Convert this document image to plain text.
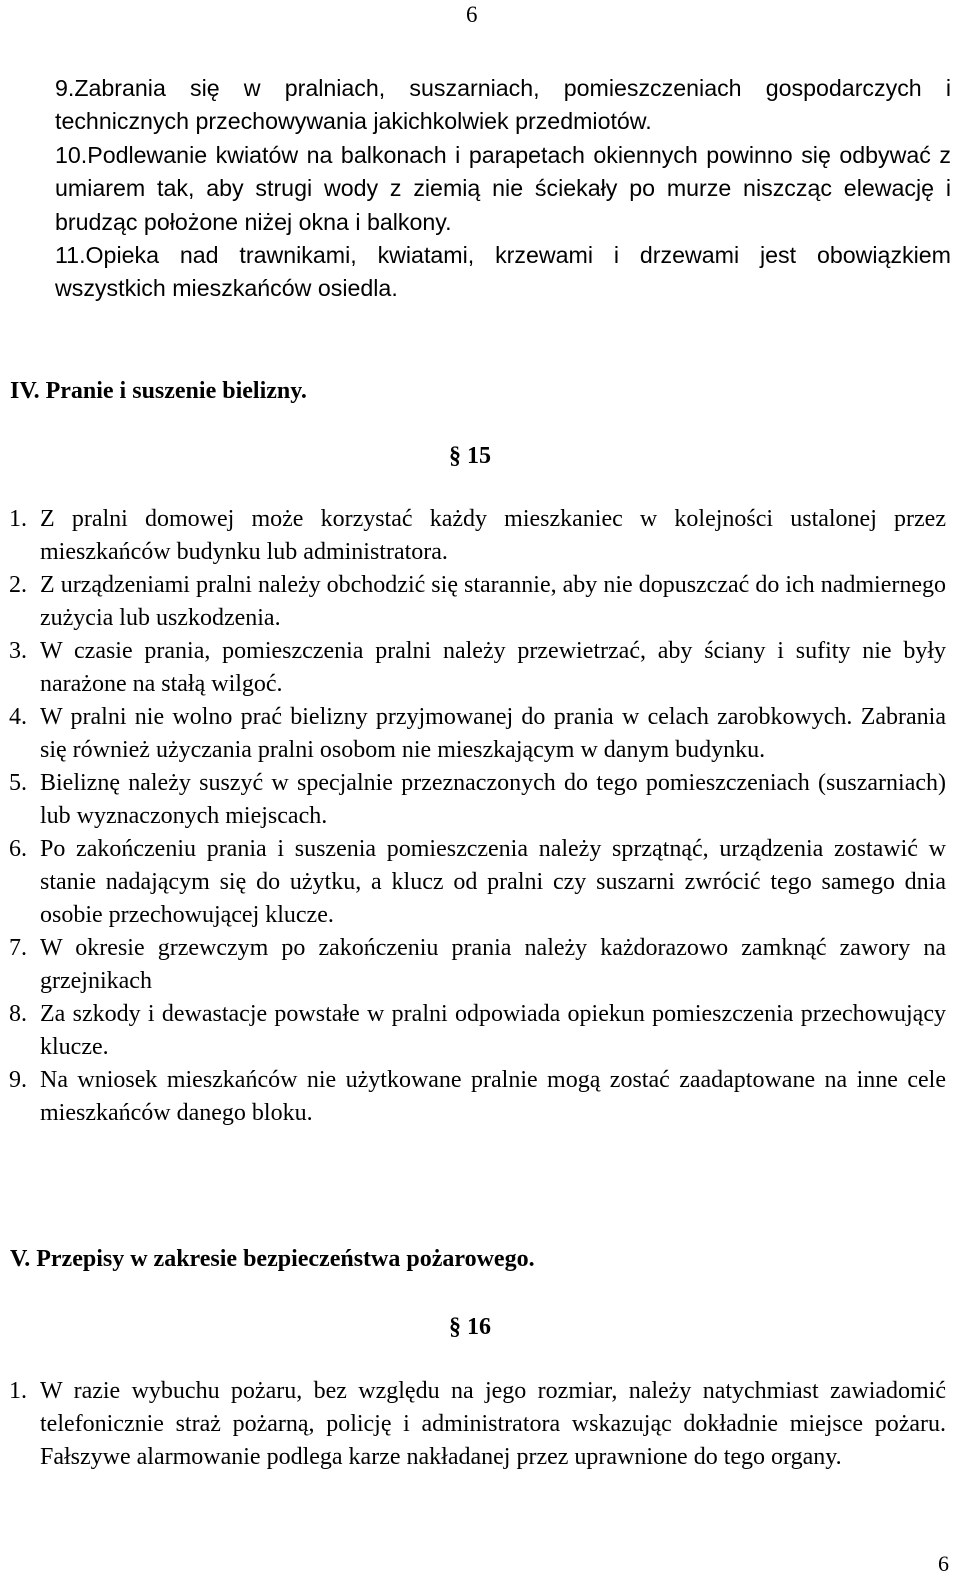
6

9.Zabrania się w pralniach, suszarniach, pomieszczeniach gospodarczych i technicznych przechowywania jakichkolwiek przedmiotów.

10.Podlewanie kwiatów na balkonach i parapetach okiennych powinno się odbywać z umiarem tak, aby strugi wody z ziemią nie ściekały po murze niszcząc elewację i brudząc położone niżej okna i balkony.

11.Opieka nad trawnikami, kwiatami, krzewami i drzewami jest obowiązkiem wszystkich mieszkańców osiedla.

IV. Pranie i suszenie bielizny.
§ 15

1. Z pralni domowej może korzystać każdy mieszkaniec w kolejności ustalonej przez mieszkańców budynku lub administratora.

2. Z urządzeniami pralni należy obchodzić się starannie, aby nie dopuszczać do ich nadmiernego zużycia lub uszkodzenia.

3. W czasie prania, pomieszczenia pralni należy przewietrzać, aby ściany i sufity nie były narażone na stałą wilgoć.

4. W pralni nie wolno prać bielizny przyjmowanej do prania w celach zarobkowych. Zabrania się również użyczania pralni osobom nie mieszkającym w danym budynku.

5. Bieliznę należy suszyć w specjalnie przeznaczonych do tego pomieszczeniach (suszarniach) lub wyznaczonych miejscach.

6. Po zakończeniu prania i suszenia pomieszczenia należy sprzątnąć, urządzenia zostawić w stanie nadającym się do użytku, a klucz od pralni czy suszarni zwrócić tego samego dnia osobie przechowującej klucze.

7. W okresie grzewczym po zakończeniu prania należy każdorazowo zamknąć zawory na grzejnikach

8. Za szkody i dewastacje powstałe w pralni odpowiada opiekun pomieszczenia przechowujący klucze.

9. Na wniosek mieszkańców nie użytkowane pralnie mogą zostać zaadaptowane na inne cele mieszkańców danego bloku.

V. Przepisy w zakresie bezpieczeństwa pożarowego.
§ 16

1. W razie wybuchu pożaru, bez względu na jego rozmiar, należy natychmiast zawiadomić telefonicznie straż pożarną, policję i administratora wskazując dokładnie miejsce pożaru. Fałszywe alarmowanie podlega karze nakładanej przez uprawnione do tego organy.

6
